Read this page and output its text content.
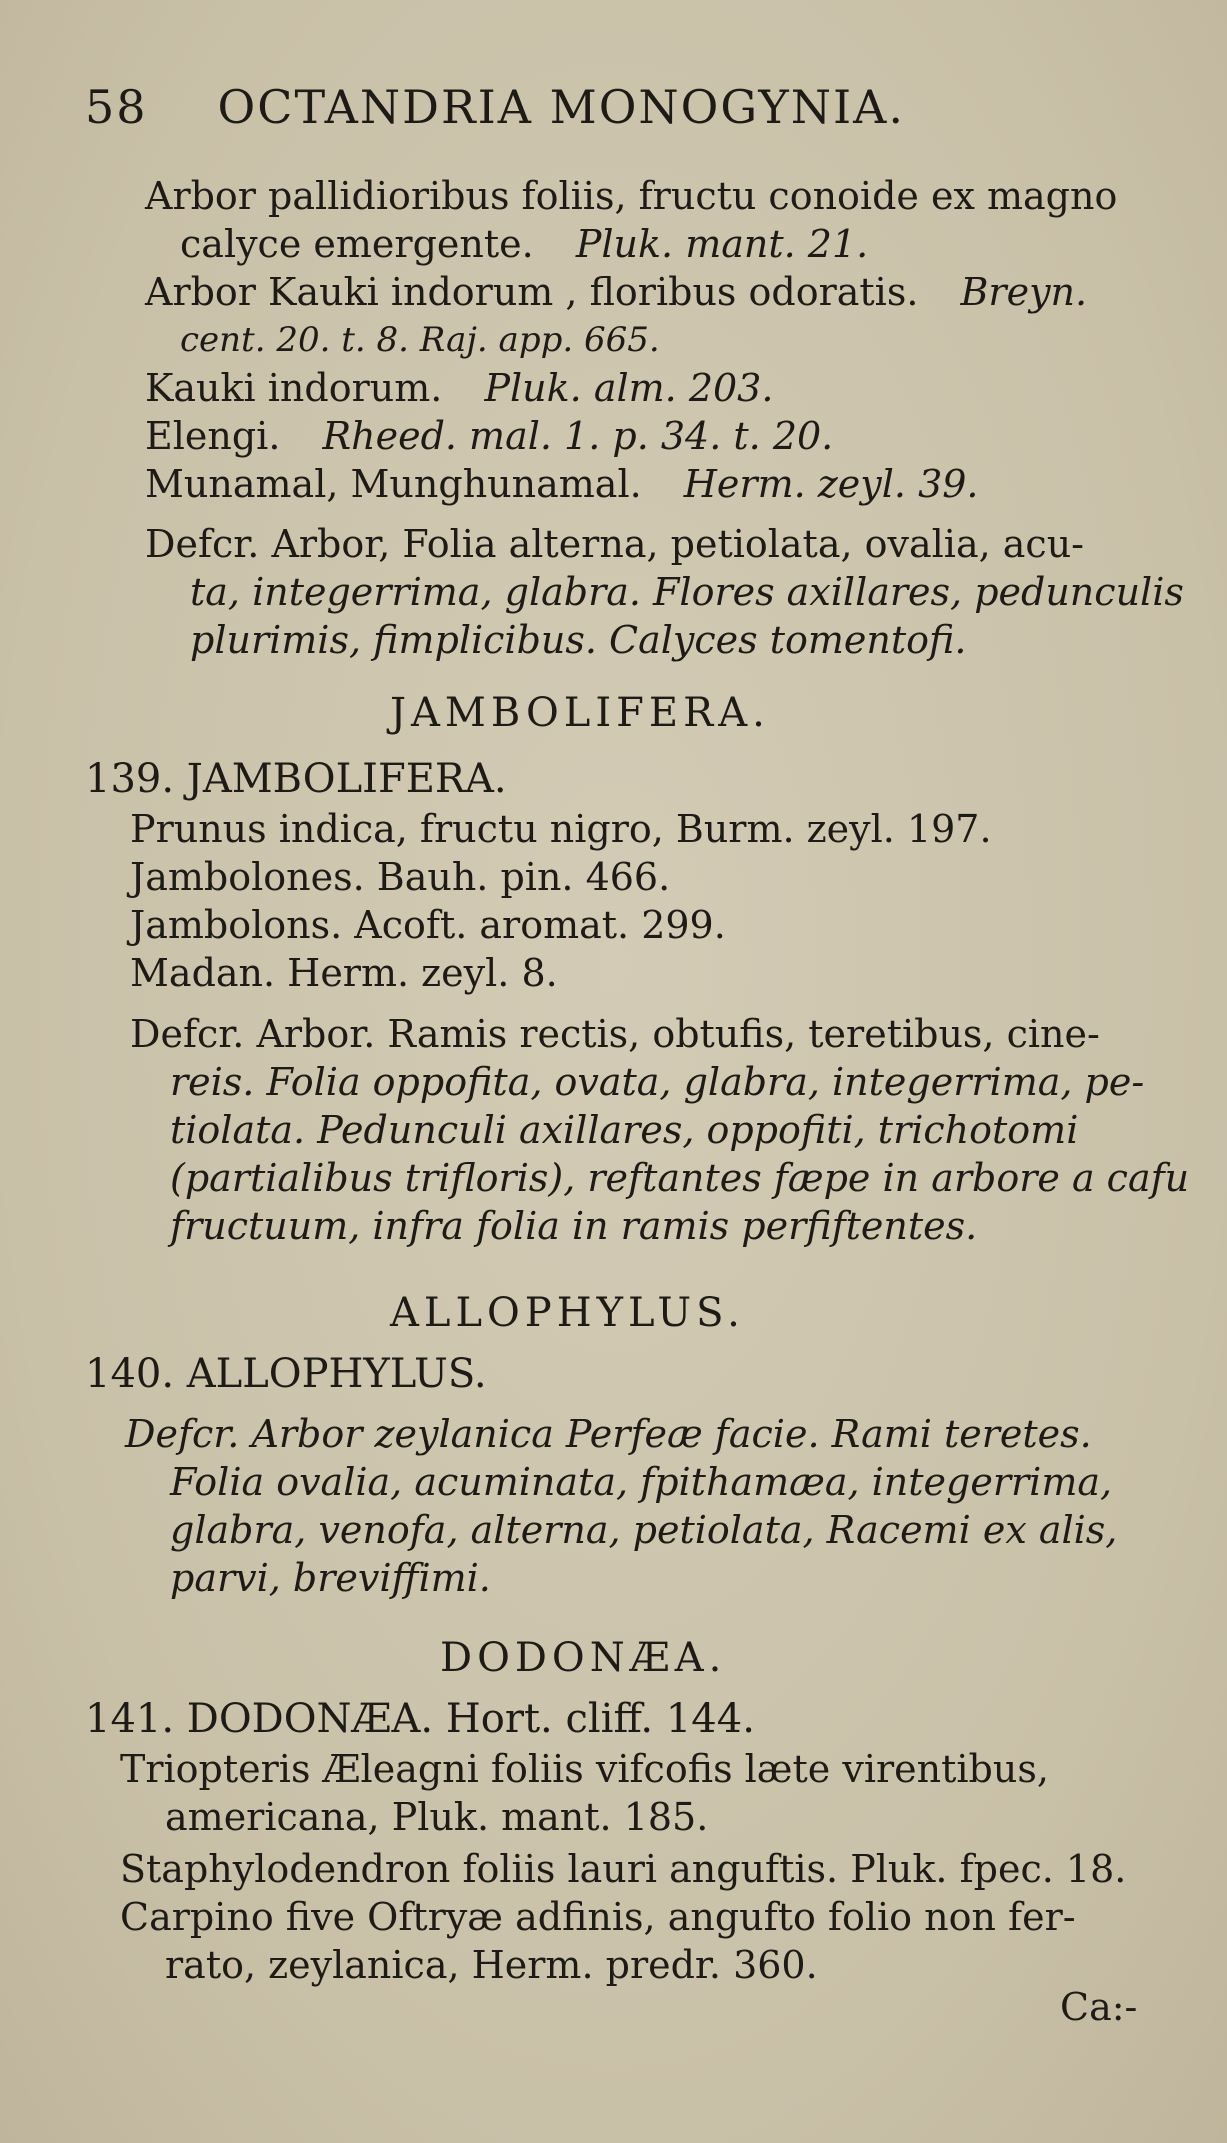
58 OCTANDRIA MONOGYNIA.
Arbor pallidioribus foliis, fructu conoide ex magno
calyce emergente. Pluk. mant. 21.
Arbor Kauki indorum , floribus odoratis. Breyn.
cent. 20. t. 8. Raj. app. 665.
Kauki indorum. Pluk. alm. 203.
Elengi. Rheed. mal. 1. p. 34. t. 20.
Munamal, Munghunamal. Herm. zeyl. 39.
Defcr. Arbor, Folia alterna, petiolata, ovalia, acu-
ta, integerrima, glabra. Flores axillares, pedunculis
plurimis, fimplicibus. Calyces tomentofi.
JAMBOLIFERA.
139. JAMBOLIFERA.
Prunus indica, fructu nigro, Burm. zeyl. 197.
Jambolones. Bauh. pin. 466.
Jambolons. Acoft. aromat. 299.
Madan. Herm. zeyl. 8.
Defcr. Arbor. Ramis rectis, obtufis, teretibus, cine-
reis. Folia oppofita, ovata, glabra, integerrima, pe-
tiolata. Pedunculi axillares, oppofiti, trichotomi
(partialibus trifloris), reftantes fæpe in arbore a cafu
fructuum, infra folia in ramis perfiftentes.
ALLOPHYLUS.
140. ALLOPHYLUS.
Defcr. Arbor zeylanica Perfeæ facie. Rami teretes.
Folia ovalia, acuminata, fpithamæa, integerrima,
glabra, venofa, alterna, petiolata, Racemi ex alis,
parvi, breviffimi.
DODONÆA.
141. DODONÆA. Hort. cliff. 144.
Triopteris Æleagni foliis vifcofis læte virentibus,
americana, Pluk. mant. 185.
Staphylodendron foliis lauri anguftis. Pluk. fpec. 18.
Carpino five Oftryæ adfinis, angufto folio non fer-
rato, zeylanica, Herm. predr. 360.
Ca:-
